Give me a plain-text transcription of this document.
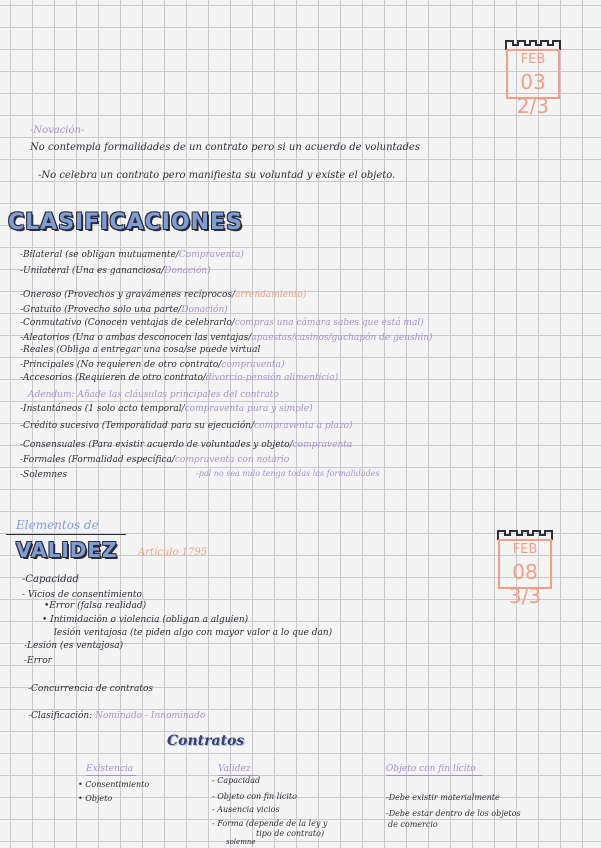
FEB
03 2/3
FEB
08 3/3
-Novación-
No contempla formalidades de un contrato pero si un acuerdo de voluntades
-No celebra un contrato pero manifiesta su voluntad y existe el objeto.
CLASIFICACIONES
-Bilateral (se obligan mutuamente/Compraventa)
-Unilateral (Una es gananciosa/Donación)
-Oneroso (Provechos y gravámenes recíprocos/arrendamiento)
-Gratuito (Provecho solo una parte/Donación)
-Conmutativo (Conocen ventajas de celebrarlo/compras una cámara sabes que está mal)
-Aleatorios (Una o ambas desconocen las ventajas/apuestas/casinos/guchapón de genshin)
-Reales (Obliga a entregar una cosa/se puede virtual
-Principales (No requieren de otro contrato/compraventa)
-Accesorios (Requieren de otro contrato/divorcio-pensión alimenticia)
Adendum: Añade las cláusulas principales del contrato
-Instantáneos (1 solo acto temporal/compraventa pura y simple)
-Crédito sucesivo (Temporalidad para su ejecución/compraventa a plazo)
-Consensuales (Para existir acuerdo de voluntades y objeto/compraventa
-Formales (Formalidad específica/compraventa con notario
-Solemnes	-pal no sea nulo tenga todas las formalidades
Elementos de
VALIDEZ Artículo 1795
-Capacidad
- Vicios de consentimiento
•Error (falsa realidad)
• Intimidación o violencia (obligan a alguien)
lesión ventajosa (te piden algo con mayor valor a lo que dan)
-Lesión (es ventajosa)
-Error
-Concurrencia de contratos
-Clasificación: Nominado - Innominado
Contratos
Existencia
• Consentimiento
• Objeto
Validez
- Capacidad
- Objeto con fin lícito
- Ausencia vicios
- Forma (depende de la ley y
tipo de contrato)
solemne
Objeto con fin lícito
-Debe existir materialmente
-Debe estar dentro de los objetos
de comercio
